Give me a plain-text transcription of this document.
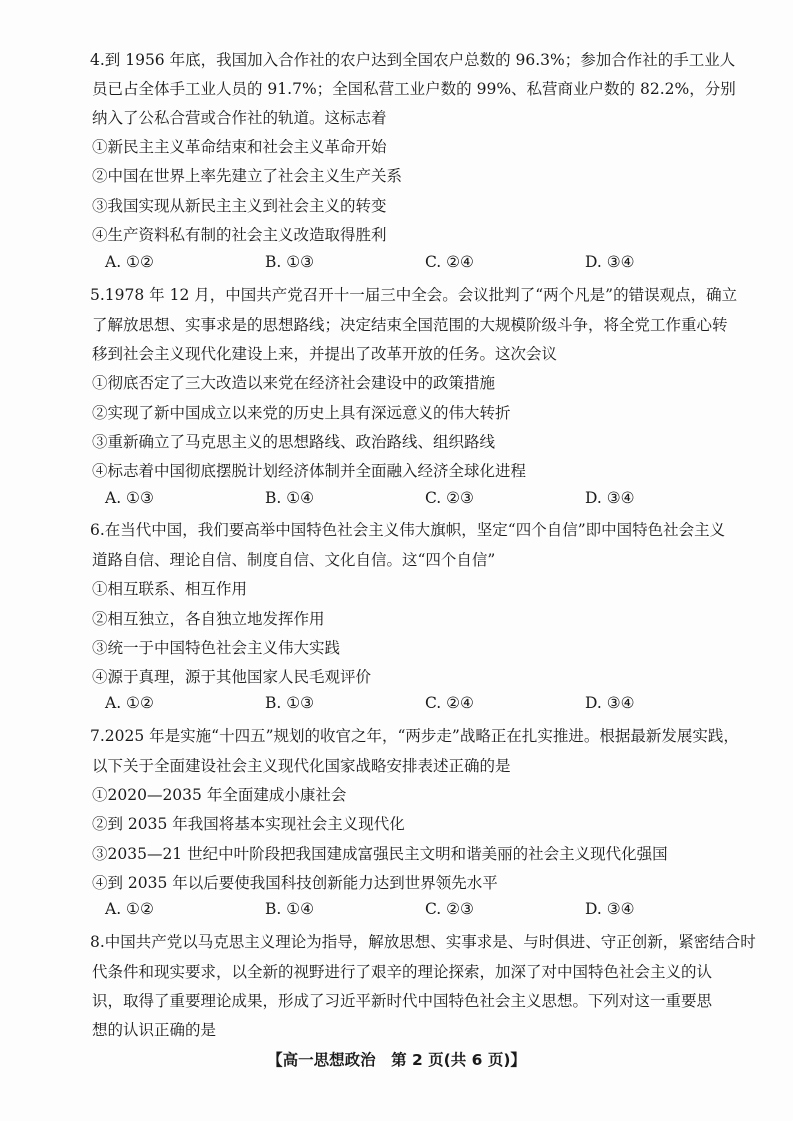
4.到 1956 年底，我国加入合作社的农户达到全国农户总数的 96.3%；参加合作社的手工业人
员已占全体手工业人员的 91.7%；全国私营工业户数的 99%、私营商业户数的 82.2%，分别
纳入了公私合营或合作社的轨道。这标志着
①新民主主义革命结束和社会主义革命开始
②中国在世界上率先建立了社会主义生产关系
③我国实现从新民主主义到社会主义的转变
④生产资料私有制的社会主义改造取得胜利
A. ①②	B. ①③	C. ②④	D. ③④
5.1978 年 12 月，中国共产党召开十一届三中全会。会议批判了“两个凡是”的错误观点，确立
了解放思想、实事求是的思想路线；决定结束全国范围的大规模阶级斗争，将全党工作重心转
移到社会主义现代化建设上来，并提出了改革开放的任务。这次会议
①彻底否定了三大改造以来党在经济社会建设中的政策措施
②实现了新中国成立以来党的历史上具有深远意义的伟大转折
③重新确立了马克思主义的思想路线、政治路线、组织路线
④标志着中国彻底摆脱计划经济体制并全面融入经济全球化进程
A. ①③	B. ①④	C. ②③	D. ③④
6.在当代中国，我们要高举中国特色社会主义伟大旗帜，坚定“四个自信”即中国特色社会主义
道路自信、理论自信、制度自信、文化自信。这“四个自信”
①相互联系、相互作用
②相互独立，各自独立地发挥作用
③统一于中国特色社会主义伟大实践
④源于真理，源于其他国家人民毛观评价
A. ①②	B. ①③	C. ②④	D. ③④
7.2025 年是实施“十四五”规划的收官之年，“两步走”战略正在扎实推进。根据最新发展实践，
以下关于全面建设社会主义现代化国家战略安排表述正确的是
①2020—2035 年全面建成小康社会
②到 2035 年我国将基本实现社会主义现代化
③2035—21 世纪中叶阶段把我国建成富强民主文明和谐美丽的社会主义现代化强国
④到 2035 年以后要使我国科技创新能力达到世界领先水平
A. ①②	B. ①④	C. ②③	D. ③④
8.中国共产党以马克思主义理论为指导，解放思想、实事求是、与时俱进、守正创新，紧密结合时
代条件和现实要求，以全新的视野进行了艰辛的理论探索，加深了对中国特色社会主义的认
识，取得了重要理论成果，形成了习近平新时代中国特色社会主义思想。下列对这一重要思
想的认识正确的是
【高一思想政治　第 2 页(共 6 页)】
